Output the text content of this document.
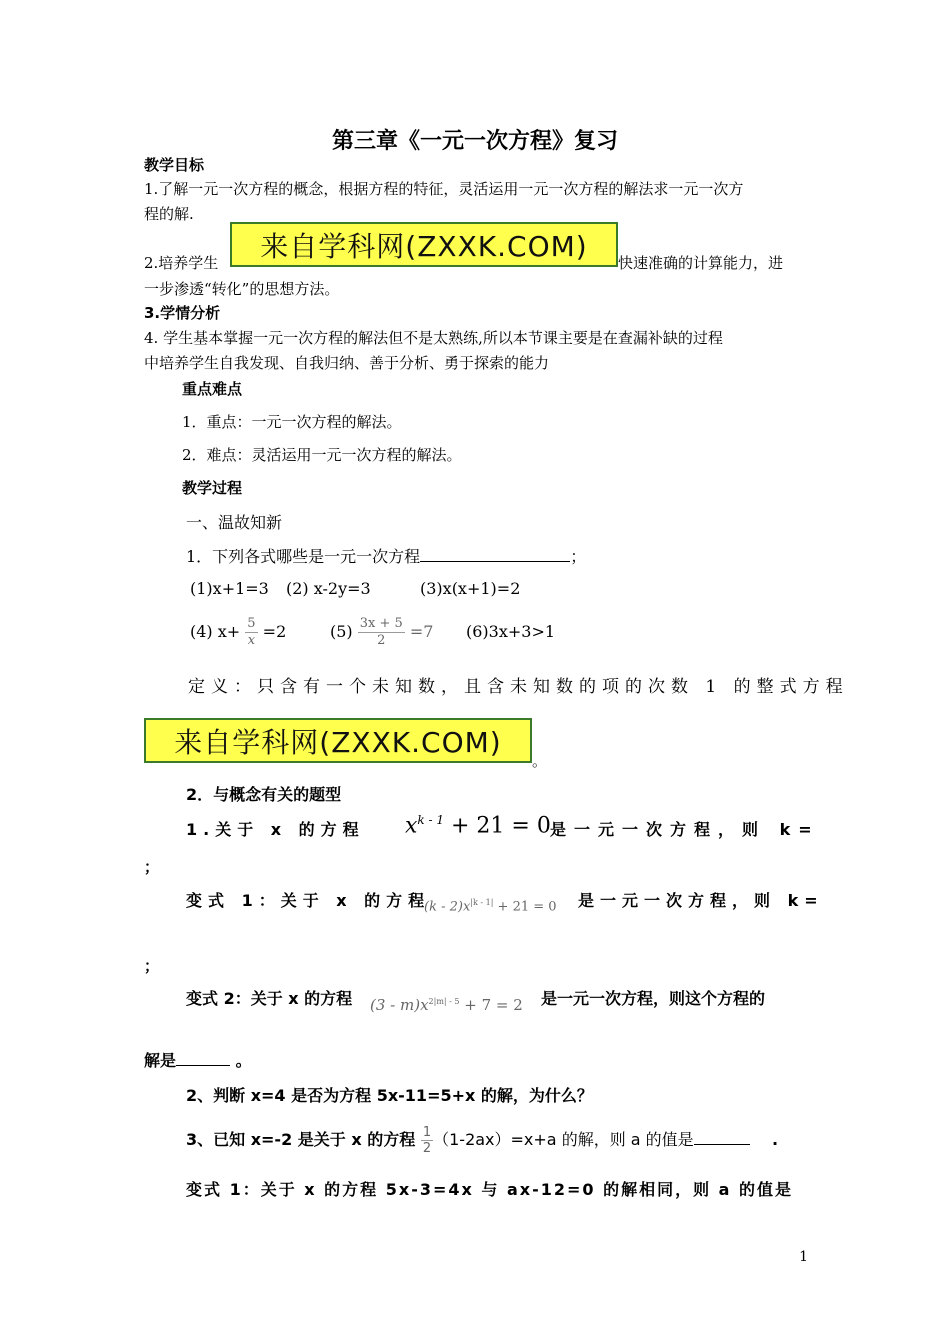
第三章《一元一次方程》复习
教学目标
1.了解一元一次方程的概念，根据方程的特征，灵活运用一元一次方程的解法求一元一次方
程的解.
2.培养学生
来自学科网(ZXXK.COM)
快速准确的计算能力，进
一步渗透“转化”的思想方法。
3.学情分析
4. 学生基本掌握一元一次方程的解法但不是太熟练,所以本节课主要是在查漏补缺的过程
中培养学生自我发现、自我归纳、善于分析、勇于探索的能力
重点难点
1．重点：一元一次方程的解法。
2．难点：灵活运用一元一次方程的解法。
教学过程
一、温故知新
1．下列各式哪些是一元一次方程	；
(1)x+1=3 (2) x-2y=3	(3)x(x+1)=2
(4) $x+ \frac{5}{x} =2$	$(5) \frac{3x + 5}{2} =7$ (6)3x+3>1
定义：只含有一个未知数，且含未知数的项的次数 1 的整式方程
来自学科网(ZXXK.COM)
。
2．与概念有关的题型
1.关于 x 的方程 $x^{k - 1} + 21 = 0$ 是一元一次方程，则 k=
；
变式 1：关于 x 的方程
$(k - 2)x^{|k - 1|} + 21 = 0$ 是一元一次方程，则 k=
；
变式 2：关于 x 的方程 $(3 - m)x^{2|m| - 5} + 7 = 2$ 是一元一次方程，则这个方程的
解是	。
2、判断 x=4 是否为方程 5x-11=5+x 的解，为什么？
3、已知 x=-2 是关于 x 的方程 $\frac{1}{2} (1-2ax)=x+a$ 的解，则 a 的值是	.
变式 1：关于 x 的方程 5x-3=4x 与 ax-12=0 的解相同，则 a 的值是
1
